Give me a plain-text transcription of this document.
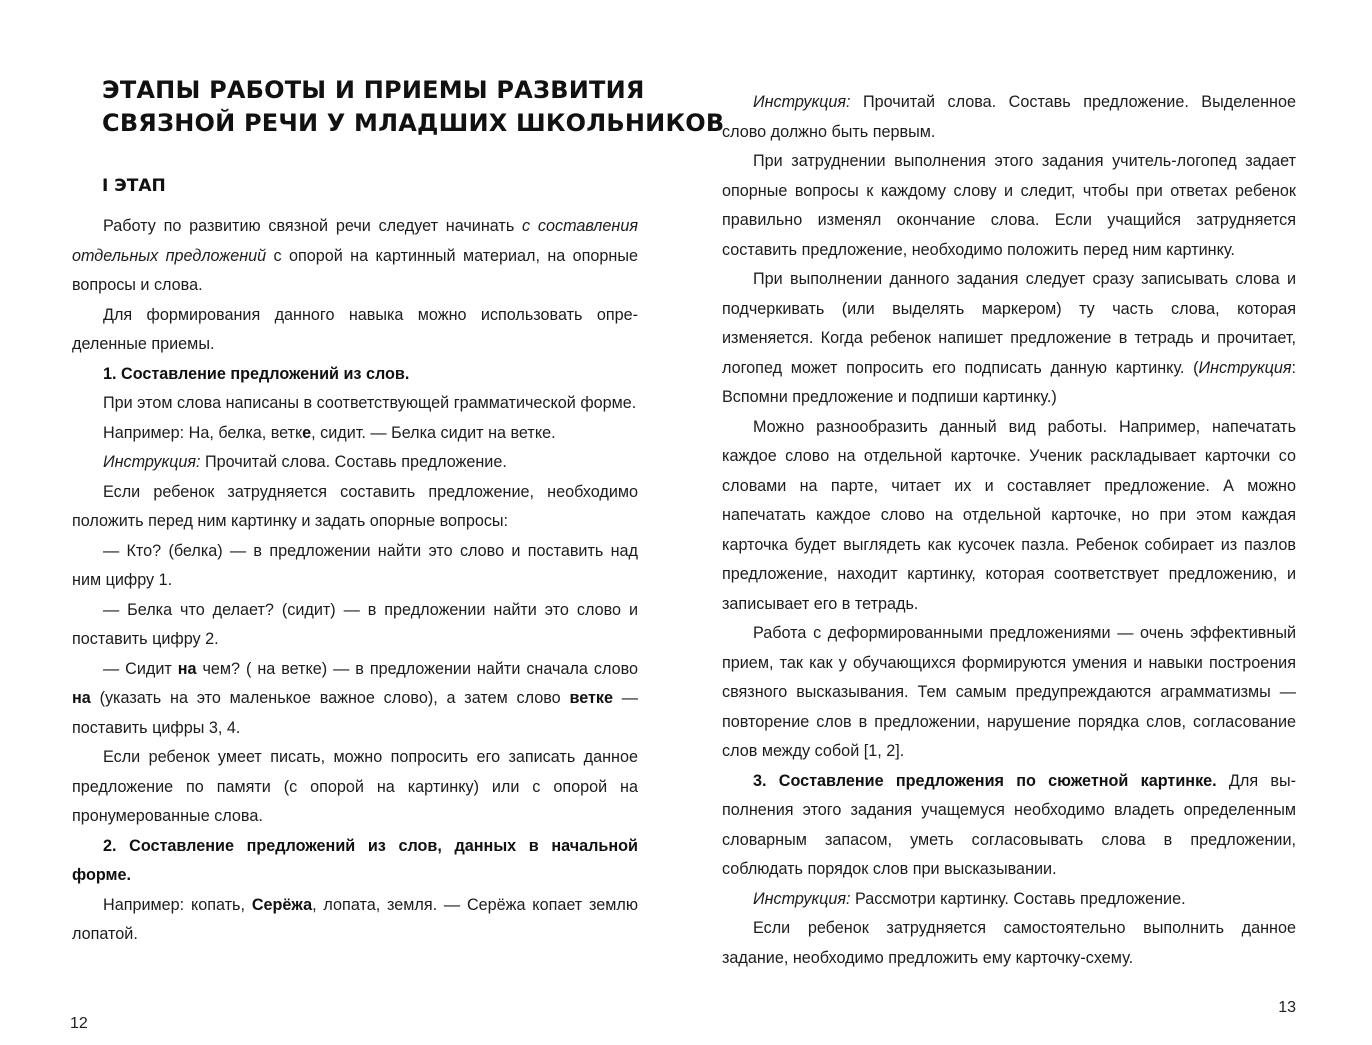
ЭТАПЫ РАБОТЫ И ПРИЕМЫ РАЗВИТИЯ
СВЯЗНОЙ РЕЧИ У МЛАДШИХ ШКОЛЬНИКОВ
I ЭТАП

Работу по развитию связной речи следует начинать с составления отдельных предложений с опорой на картинный материал, на опорные вопросы и слова.

Для формирования данного навыка можно использовать определенные приемы.

1. Составление предложений из слов.

При этом слова написаны в соответствующей грамматической форме.

Например: На, белка, ветке, сидит. — Белка сидит на ветке.

Инструкция: Прочитай слова. Составь предложение.

Если ребенок затрудняется составить предложение, необходимо положить перед ним картинку и задать опорные вопросы:

— Кто? (белка) — в предложении найти это слово и поставить над ним цифру 1.

— Белка что делает? (сидит) — в предложении найти это слово и поставить цифру 2.

— Сидит на чем? ( на ветке) — в предложении найти сначала слово на (указать на это маленькое важное слово), а затем слово ветке — поставить цифры 3, 4.

Если ребенок умеет писать, можно попросить его записать данное предложение по памяти (с опорой на картинку) или с опорой на пронумерованные слова.

2. Составление предложений из слов, данных в начальной форме.

Например: копать, Серёжа, лопата, земля. — Серёжа копает землю лопатой.

12

Инструкция: Прочитай слова. Составь предложение. Выделенное слово должно быть первым.

При затруднении выполнения этого задания учитель-логопед задает опорные вопросы к каждому слову и следит, чтобы при ответах ребенок правильно изменял окончание слова. Если учащийся затрудняется составить предложение, необходимо положить перед ним картинку.

При выполнении данного задания следует сразу записывать слова и подчеркивать (или выделять маркером) ту часть слова, которая изменяется. Когда ребенок напишет предложение в тетрадь и прочитает, логопед может попросить его подписать данную картинку. (Инструкция: Вспомни предложение и подпиши картинку.)

Можно разнообразить данный вид работы. Например, напечатать каждое слово на отдельной карточке. Ученик раскладывает карточки со словами на парте, читает их и составляет предложение. А можно напечатать каждое слово на отдельной карточке, но при этом каждая карточка будет выглядеть как кусочек пазла. Ребенок собирает из пазлов предложение, находит картинку, которая соответствует предложению, и записывает его в тетрадь.

Работа с деформированными предложениями — очень эффективный прием, так как у обучающихся формируются умения и навыки построения связного высказывания. Тем самым предупреждаются аграмматизмы — повторение слов в предложении, нарушение порядка слов, согласование слов между собой [1, 2].

3. Составление предложения по сюжетной картинке. Для выполнения этого задания учащемуся необходимо владеть определенным словарным запасом, уметь согласовывать слова в предложении, соблюдать порядок слов при высказывании.

Инструкция: Рассмотри картинку. Составь предложение.

Если ребенок затрудняется самостоятельно выполнить данное задание, необходимо предложить ему карточку-схему.

13
